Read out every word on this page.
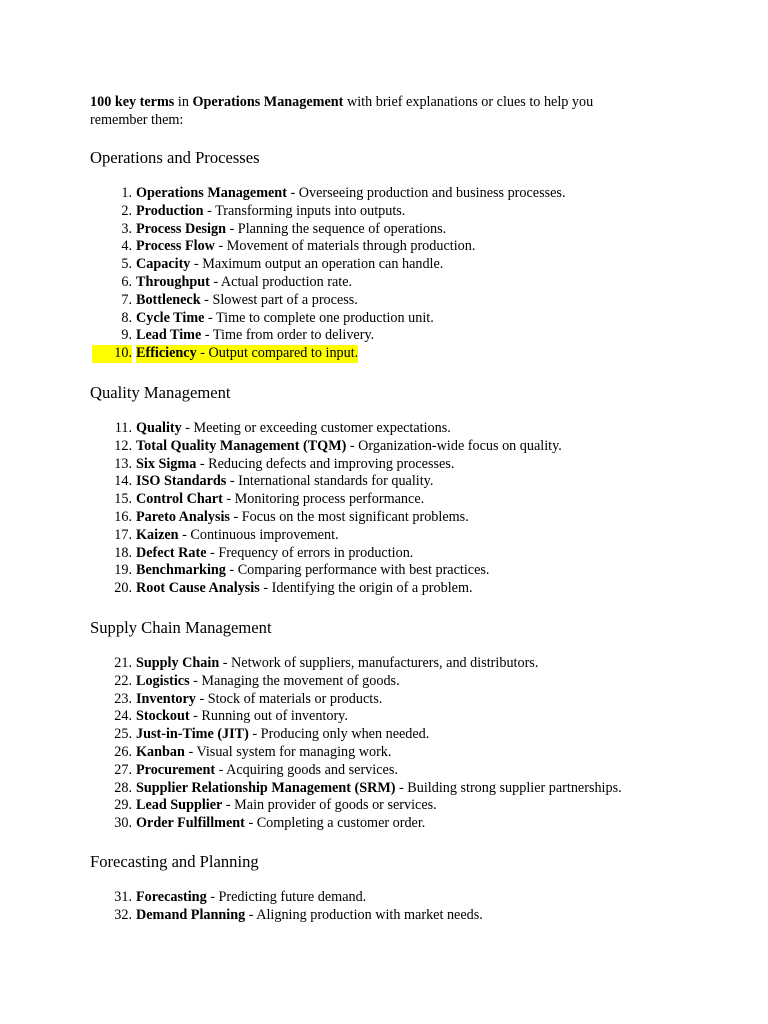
100 key terms in Operations Management with brief explanations or clues to help you remember them:

Operations and Processes
1. Operations Management - Overseeing production and business processes.
2. Production - Transforming inputs into outputs.
3. Process Design - Planning the sequence of operations.
4. Process Flow - Movement of materials through production.
5. Capacity - Maximum output an operation can handle.
6. Throughput - Actual production rate.
7. Bottleneck - Slowest part of a process.
8. Cycle Time - Time to complete one production unit.
9. Lead Time - Time from order to delivery.
10. Efficiency - Output compared to input.
Quality Management
11. Quality - Meeting or exceeding customer expectations.
12. Total Quality Management (TQM) - Organization-wide focus on quality.
13. Six Sigma - Reducing defects and improving processes.
14. ISO Standards - International standards for quality.
15. Control Chart - Monitoring process performance.
16. Pareto Analysis - Focus on the most significant problems.
17. Kaizen - Continuous improvement.
18. Defect Rate - Frequency of errors in production.
19. Benchmarking - Comparing performance with best practices.
20. Root Cause Analysis - Identifying the origin of a problem.
Supply Chain Management
21. Supply Chain - Network of suppliers, manufacturers, and distributors.
22. Logistics - Managing the movement of goods.
23. Inventory - Stock of materials or products.
24. Stockout - Running out of inventory.
25. Just-in-Time (JIT) - Producing only when needed.
26. Kanban - Visual system for managing work.
27. Procurement - Acquiring goods and services.
28. Supplier Relationship Management (SRM) - Building strong supplier partnerships.
29. Lead Supplier - Main provider of goods or services.
30. Order Fulfillment - Completing a customer order.
Forecasting and Planning
31. Forecasting - Predicting future demand.
32. Demand Planning - Aligning production with market needs.
